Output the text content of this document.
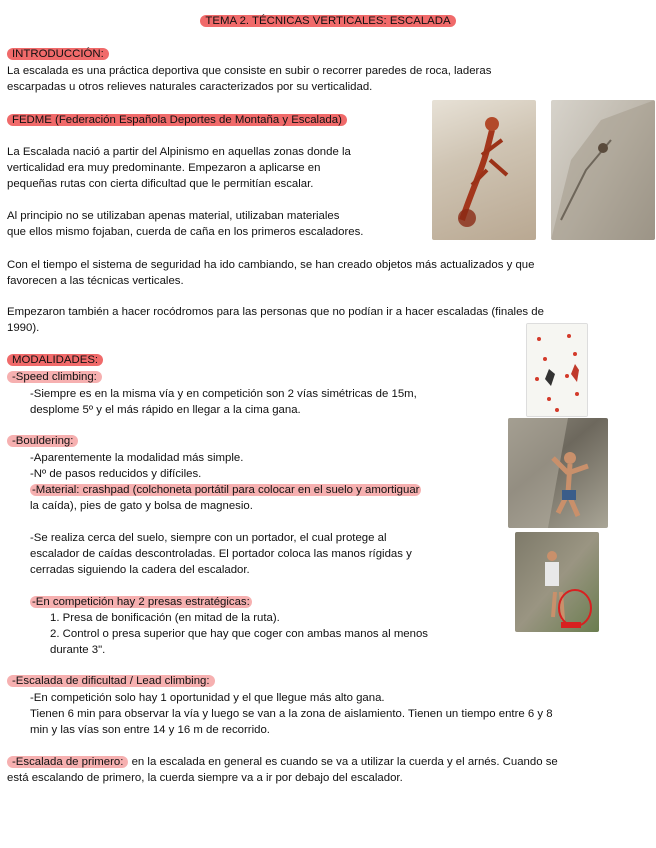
TEMA 2. TÉCNICAS VERTICALES: ESCALADA
INTRODUCCIÓN:
La escalada es una práctica deportiva que consiste en subir o recorrer paredes de roca, laderas
escarpadas u otros relieves naturales caracterizados por su verticalidad.
FEDME (Federación Española Deportes de Montaña y Escalada)
La Escalada nació a partir del Alpinismo en aquellas zonas donde la
verticalidad era muy predominante. Empezaron a aplicarse en
pequeñas rutas con cierta dificultad que le permitían escalar.
Al principio no se utilizaban apenas material, utilizaban materiales
que ellos mismo fojaban, cuerda de caña en los primeros escaladores.
Con el tiempo el sistema de seguridad ha ido cambiando, se han creado objetos más actualizados y que
favorecen a las técnicas verticales.
Empezaron también a hacer rocódromos para las personas que no podían ir a hacer escaladas (finales de
1990).
MODALIDADES:
-Speed climbing:
-Siempre es en la misma vía y en competición son 2 vías simétricas de 15m,
desplome 5º y el más rápido en llegar a la cima gana.
-Bouldering:
-Aparentemente la modalidad más simple.
-Nº de pasos reducidos y difíciles.
-Material: crashpad (colchoneta portátil para colocar en el suelo y amortiguar
la caída), pies de gato y bolsa de magnesio.
-Se realiza cerca del suelo, siempre con un portador, el cual protege al
escalador de caídas descontroladas. El portador coloca las manos rígidas y
cerradas siguiendo la cadera del escalador.
-En competición hay 2 presas estratégicas:
1. Presa de bonificación (en mitad de la ruta).
2. Control o presa superior que hay que coger con ambas manos al menos
durante 3".
-Escalada de dificultad / Lead climbing:
-En competición solo hay 1 oportunidad y el que llegue más alto gana.
Tienen 6 min para observar la vía y luego se van a la zona de aislamiento. Tienen un tiempo entre 6 y 8
min y las vías son entre 14 y 16 m de recorrido.
-Escalada de primero: en la escalada en general es cuando se va a utilizar la cuerda y el arnés. Cuando se
está escalando de primero, la cuerda siempre va a ir por debajo del escalador.
